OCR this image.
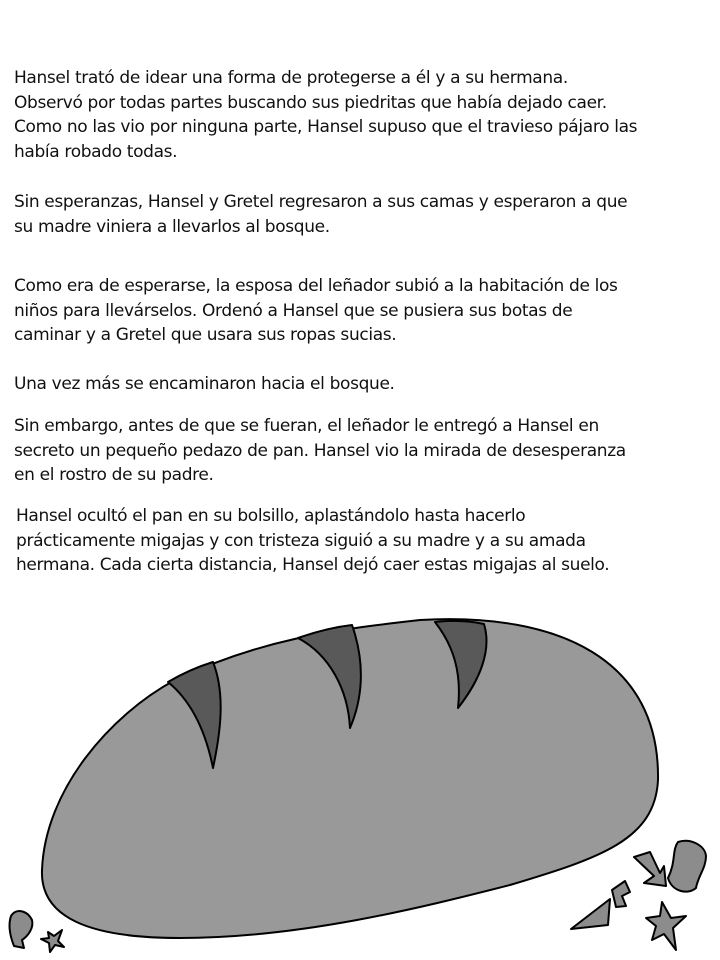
Hansel trató de idear una forma de protegerse a él y a su hermana.
Observó por todas partes buscando sus piedritas que había dejado caer.
Como no las vio por ninguna parte, Hansel supuso que el travieso pájaro las
había robado todas.

Sin esperanzas, Hansel y Gretel regresaron a sus camas y esperaron a que
su madre viniera a llevarlos al bosque.

Como era de esperarse, la esposa del leñador subió a la habitación de los
niños para llevárselos. Ordenó a Hansel que se pusiera sus botas de
caminar y a Gretel que usara sus ropas sucias.

Una vez más se encaminaron hacia el bosque.

Sin embargo, antes de que se fueran, el leñador le entregó a Hansel en
secreto un pequeño pedazo de pan. Hansel vio la mirada de desesperanza
en el rostro de su padre.

Hansel ocultó el pan en su bolsillo, aplastándolo hasta hacerlo
prácticamente migajas y con tristeza siguió a su madre y a su amada
hermana. Cada cierta distancia, Hansel dejó caer estas migajas al suelo.
